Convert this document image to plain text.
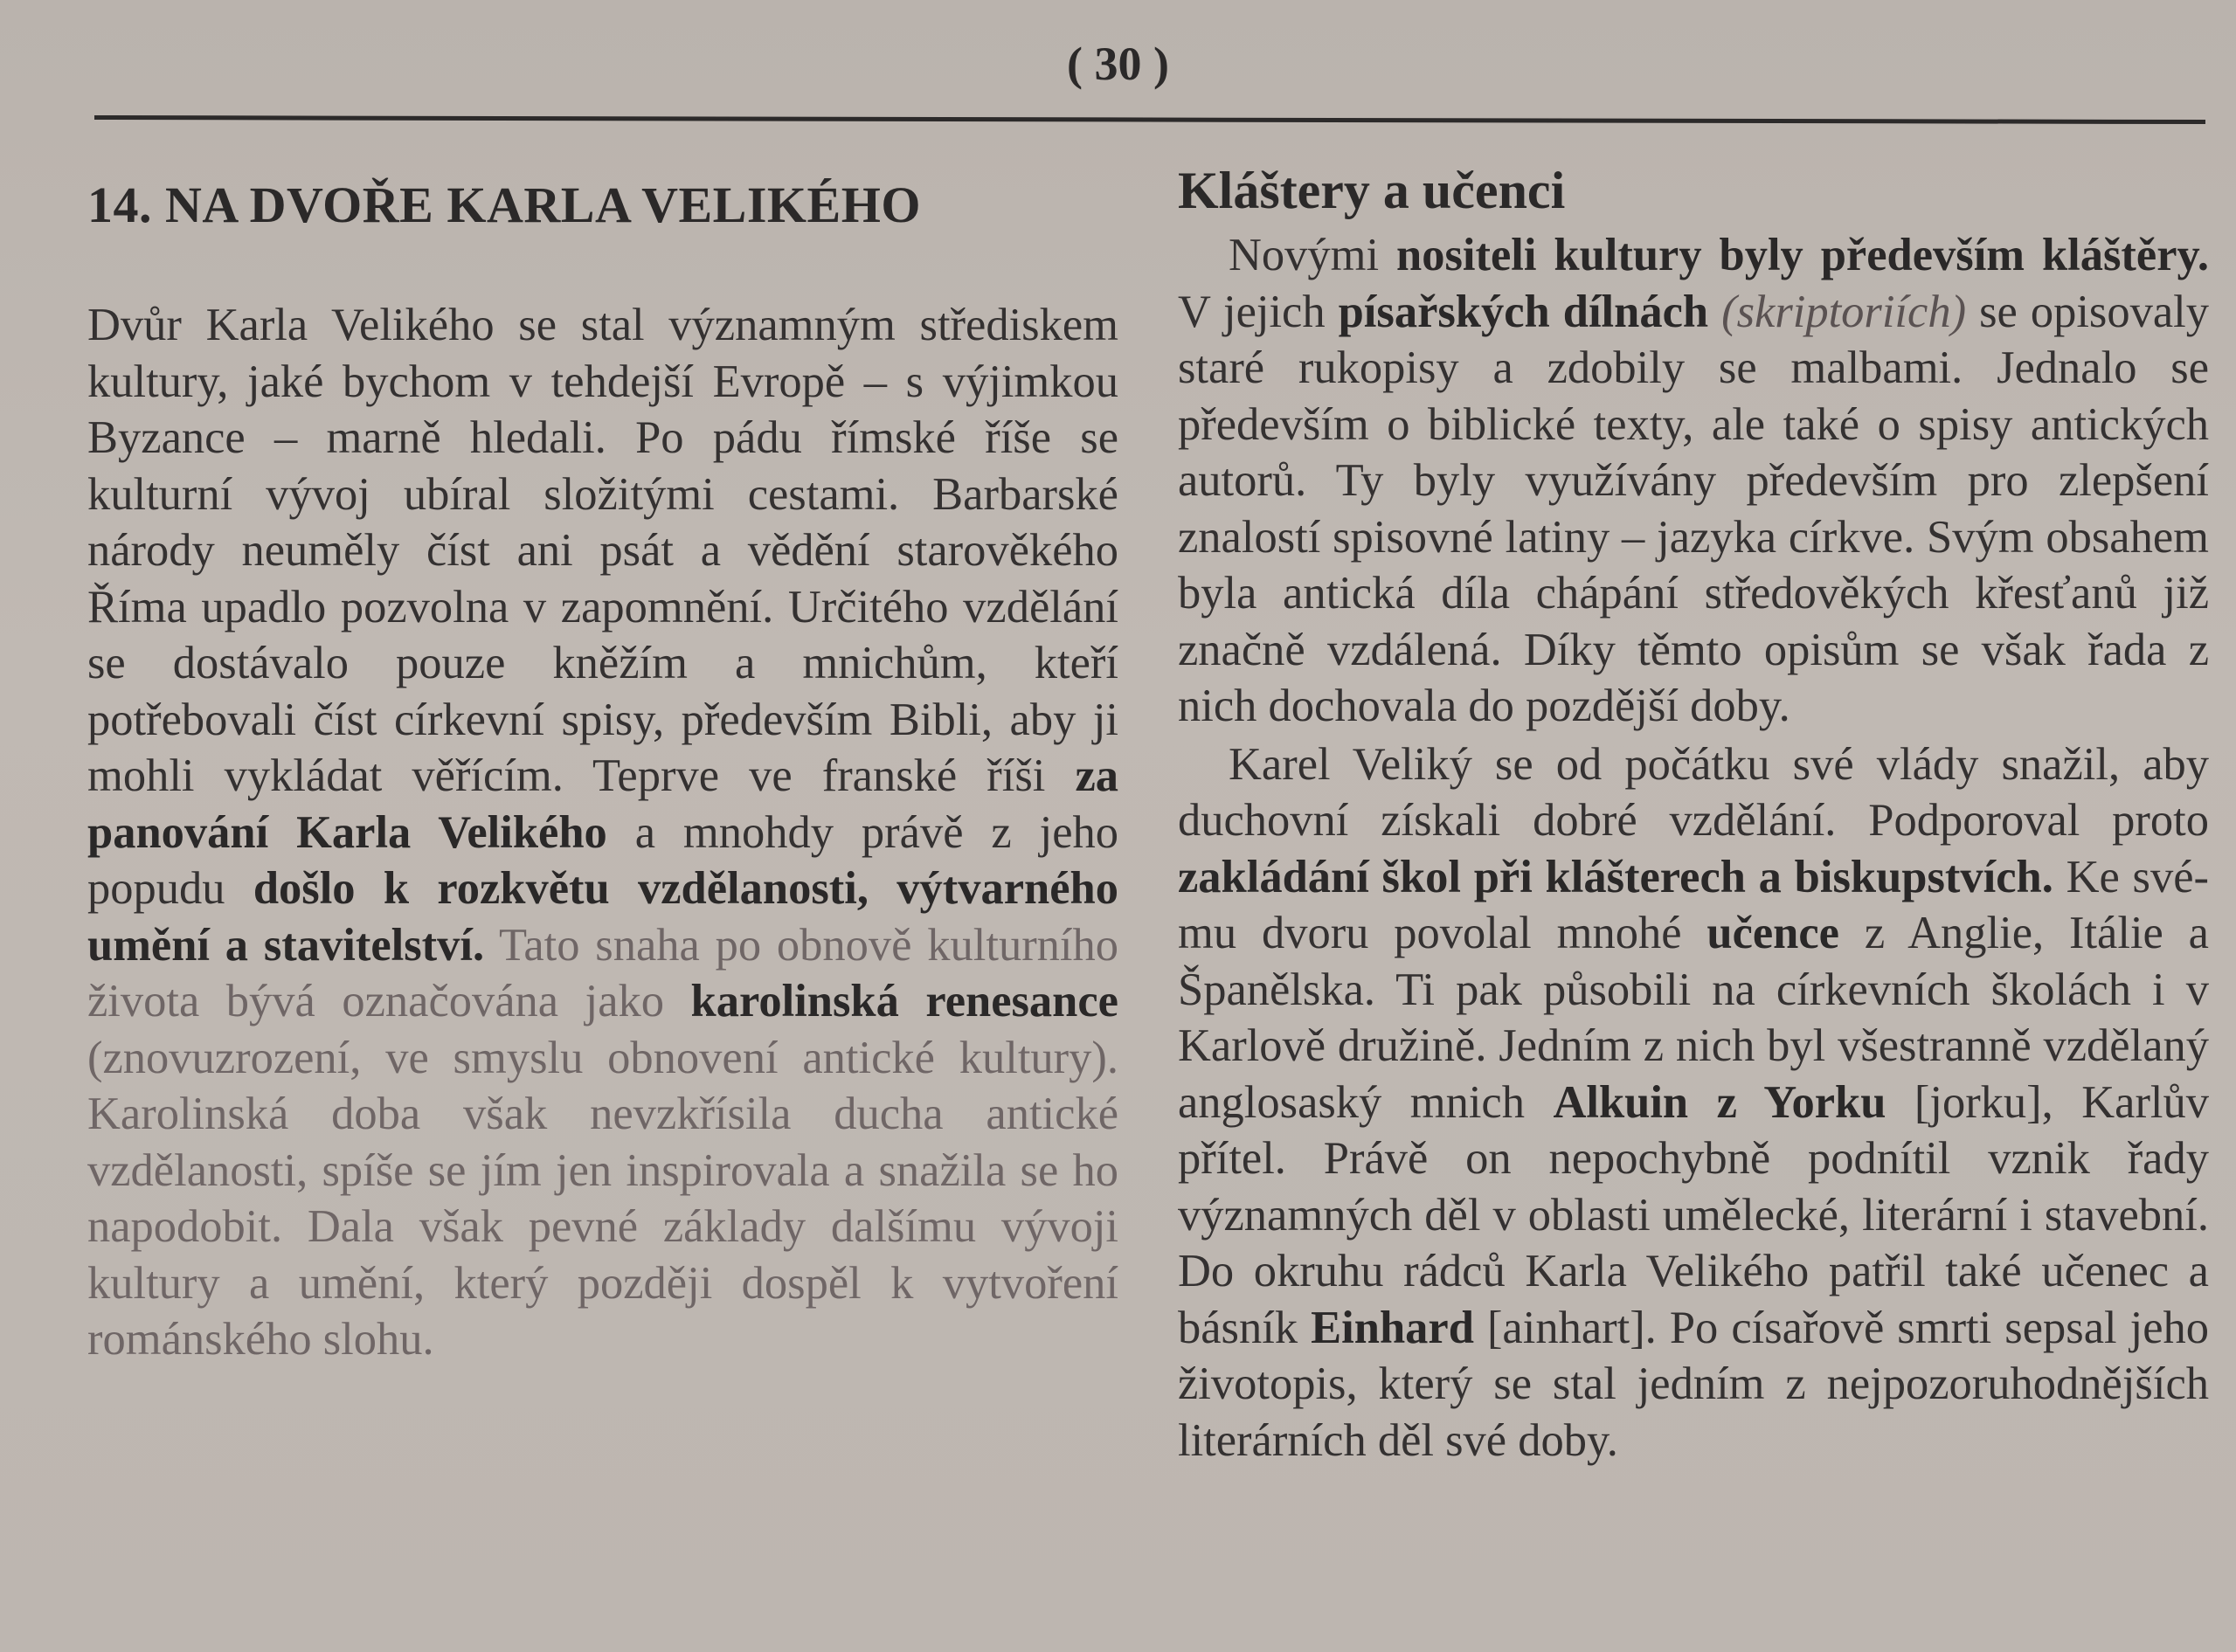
( 30 )
14. NA DVOŘE KARLA VELIKÉHO

Dvůr Karla Velikého se stal významným střediskem kultury, jaké bychom v tehdejší Evropě – s výjimkou Byzance – marně hledali. Po pádu římské říše se kulturní vývoj ubíral složitými cestami. Barbarské národy neuměly číst ani psát a vědění starověkého Říma upadlo pozvolna v zapomnění. Určitého vzdělání se dostávalo pouze kněžím a mnichům, kteří potřebovali číst církevní spisy, především Bibli, aby ji mohli vykládat věřícím. Teprve ve franské říši za panování Karla Velikého a mnohdy právě z jeho popudu došlo k rozkvětu vzdělanosti, výtvarného umění a stavitelství. Tato snaha po obnově kulturního života bývá označována jako karolinská renesance (znovuzrození, ve smyslu obnovení antické kultury). Karolinská doba však nevzkřísila ducha antické vzdělanosti, spíše se jím jen inspirovala a snažila se ho napodobit. Dala však pevné základy dalšímu vývoji kultury a umění, který později dospěl k vytvoření románského slohu.

Kláštery a učenci

Novými nositeli kultury byly především kláštěry. V jejich písařských dílnách (skriptoriích) se opisovaly staré rukopisy a zdobily se malbami. Jednalo se především o biblické texty, ale také o spisy antických autorů. Ty byly využívány především pro zlepšení znalostí spisovné latiny – jazyka církve. Svým obsahem byla antická díla chápání středověkých křesťanů již značně vzdálená. Díky těmto opisům se však řada z nich dochovala do pozdější doby.

Karel Veliký se od počátku své vlády snažil, aby duchovní získali dobré vzdělání. Podporoval proto zakládání škol při klášterech a biskupstvích. Ke svému dvoru povolal mnohé učence z Anglie, Itálie a Španělska. Ti pak působili na církevních školách i v Karlově družině. Jedním z nich byl všestranně vzdělaný anglosaský mnich Alkuin z Yorku [jorku], Karlův přítel. Právě on nepochybně podnítil vznik řady významných děl v oblasti umělecké, literární i stavební. Do okruhu rádců Karla Velikého patřil také učenec a básník Einhard [ainhart]. Po císařově smrti sepsal jeho životopis, který se stal jedním z nejpozoruhodnějších literárních děl své doby.
